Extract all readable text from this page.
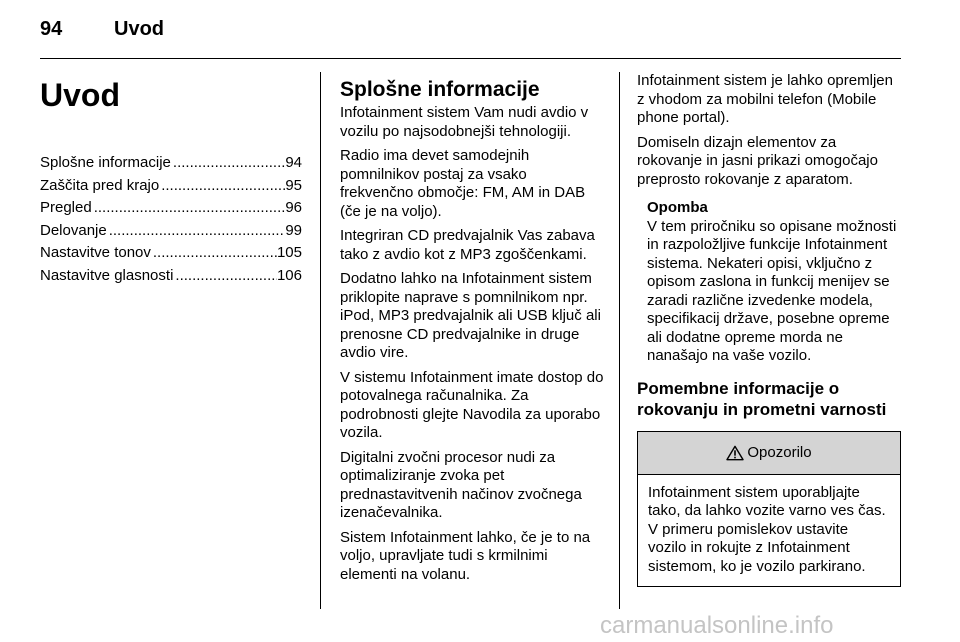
94	Uvod
Uvod
Splošne informacije .....	94
Zaščita pred krajo .....	95
Pregled .....	96
Delovanje .....	99
Nastavitve tonov .....	105
Nastavitve glasnosti .....	106
Splošne informacije

Infotainment sistem Vam nudi avdio v vozilu po najsodobnejši tehnologiji.

Radio ima devet samodejnih pomnilnikov postaj za vsako frekvenčno območje: FM, AM in DAB (če je na voljo).

Integriran CD predvajalnik Vas zabava tako z avdio kot z MP3 zgoščenkami.

Dodatno lahko na Infotainment sistem priklopite naprave s pomnilnikom npr. iPod, MP3 predvajalnik ali USB ključ ali prenosne CD predvajalnike in druge avdio vire.

V sistemu Infotainment imate dostop do potovalnega računalnika. Za podrobnosti glejte Navodila za uporabo vozila.

Digitalni zvočni procesor nudi za optimaliziranje zvoka pet prednastavitvenih načinov zvočnega izenačevalnika.

Sistem Infotainment lahko, če je to na voljo, upravljate tudi s krmilnimi elementi na volanu.

Infotainment sistem je lahko opremljen z vhodom za mobilni telefon (Mobile phone portal).

Domiseln dizajn elementov za rokovanje in jasni prikazi omogočajo preprosto rokovanje z aparatom.

Opomba
V tem priročniku so opisane možnosti in razpoložljive funkcije Infotainment sistema. Nekateri opisi, vključno z opisom zaslona in funkcij menijev se zaradi različne izvedenke modela, specifikacij države, posebne opreme ali dodatne opreme morda ne nanašajo na vaše vozilo.
Pomembne informacije o rokovanju in prometni varnosti
Opozorilo
Infotainment sistem uporabljajte tako, da lahko vozite varno ves čas. V primeru pomislekov ustavite vozilo in rokujte z Infotainment sistemom, ko je vozilo parkirano.
carmanualsonline.info
